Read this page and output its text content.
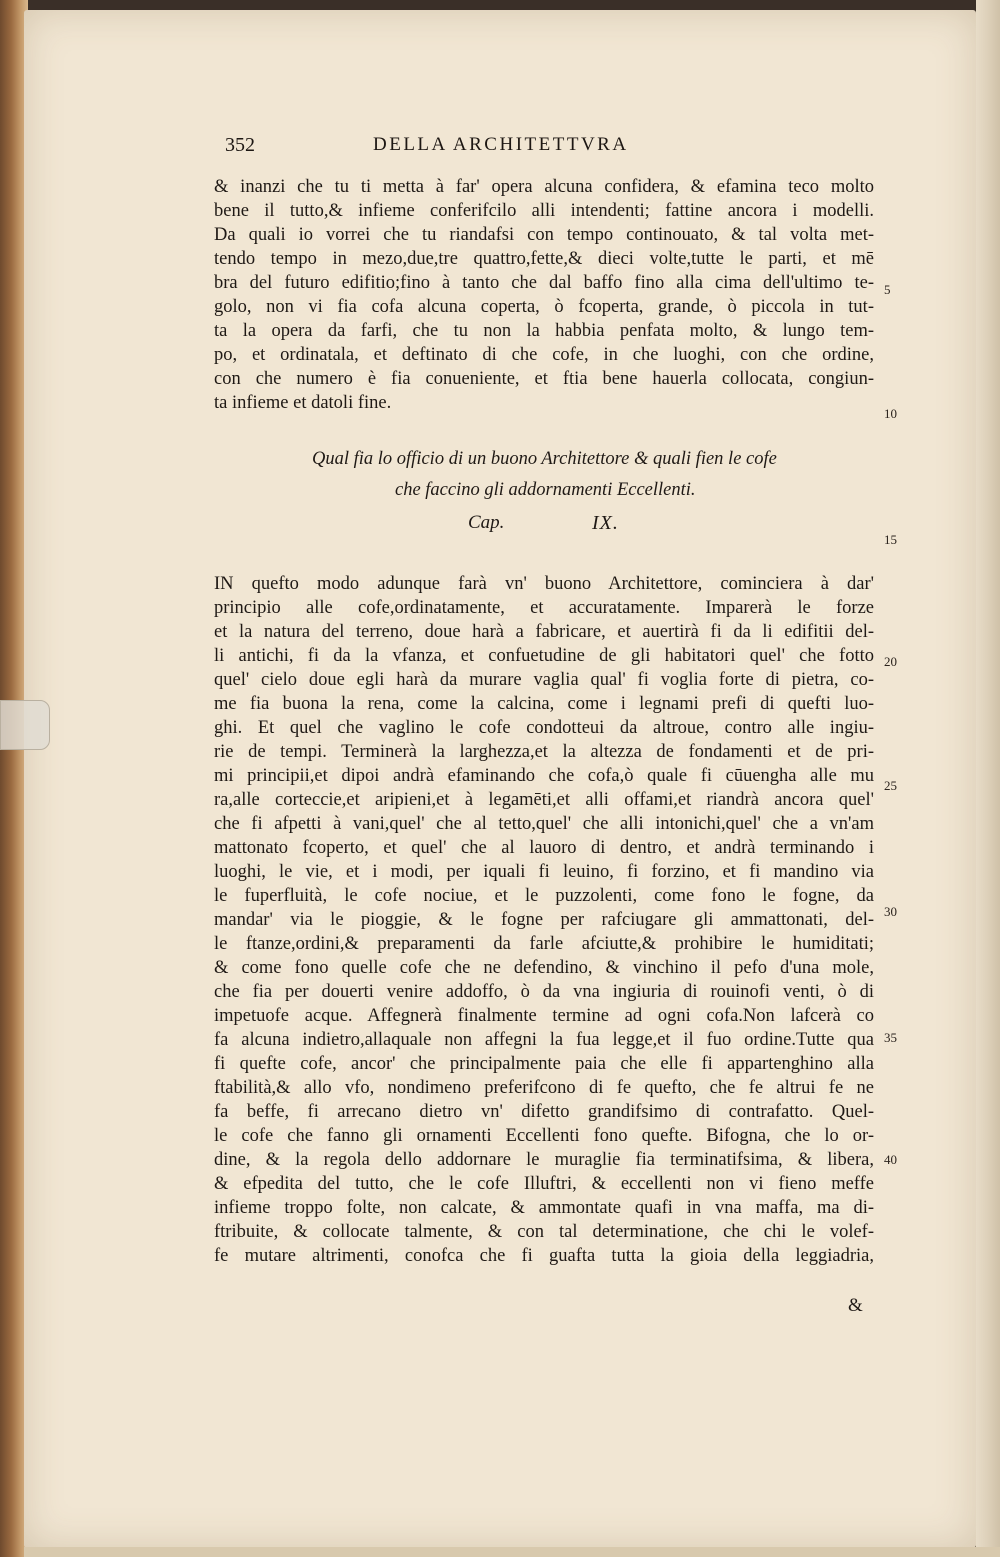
352	DELLA ARCHITETTVRA

& inanzi che tu ti metta à far' opera alcuna confidera, & efamina teco molto

bene il tutto,& infieme conferifcilo alli intendenti; fattine ancora i modelli.

Da quali io vorrei che tu riandafsi con tempo continouato, & tal volta met-

tendo tempo in mezo,due,tre quattro,fette,& dieci volte,tutte le parti, et mē

bra del futuro edifitio;fino à tanto che dal baffo fino alla cima dell'ultimo te-

golo, non vi fia cofa alcuna coperta, ò fcoperta, grande, ò piccola in tut-

ta la opera da farfi, che tu non la habbia penfata molto, & lungo tem-

po, et ordinatala, et deftinato di che cofe, in che luoghi, con che ordine,

con che numero è fia conueniente, et ftia bene hauerla collocata, congiun-

ta infieme et datoli fine.

Qual fia lo officio di un buono Architettore & quali fien le cofe

che faccino gli addornamenti Eccellenti.

Cap.	IX.

IN quefto modo adunque farà vn' buono Architettore, cominciera à dar'

principio alle cofe,ordinatamente, et accuratamente. Imparerà le forze

et la natura del terreno, doue harà a fabricare, et auertirà fi da li edifitii del-

li antichi, fi da la vfanza, et confuetudine de gli habitatori quel' che fotto

quel' cielo doue egli harà da murare vaglia qual' fi voglia forte di pietra, co-

me fia buona la rena, come la calcina, come i legnami prefi di quefti luo-

ghi. Et quel che vaglino le cofe condotteui da altroue, contro alle ingiu-

rie de tempi. Terminerà la larghezza,et la altezza de fondamenti et de pri-

mi principii,et dipoi andrà efaminando che cofa,ò quale fi cūuengha alle mu

ra,alle corteccie,et aripieni,et à legamēti,et alli offami,et riandrà ancora quel'

che fi afpetti à vani,quel' che al tetto,quel' che alli intonichi,quel' che a vn'am

mattonato fcoperto, et quel' che al lauoro di dentro, et andrà terminando i

luoghi, le vie, et i modi, per iquali fi leuino, fi forzino, et fi mandino via

le fuperfluità, le cofe nociue, et le puzzolenti, come fono le fogne, da

mandar' via le pioggie, & le fogne per rafciugare gli ammattonati, del-

le ftanze,ordini,& preparamenti da farle afciutte,& prohibire le humiditati;

& come fono quelle cofe che ne defendino, & vinchino il pefo d'una mole,

che fia per douerti venire addoffo, ò da vna ingiuria di rouinofi venti, ò di

impetuofe acque. Affegnerà finalmente termine ad ogni cofa.Non lafcerà co

fa alcuna indietro,allaquale non affegni la fua legge,et il fuo ordine.Tutte qua

fi quefte cofe, ancor' che principalmente paia che elle fi appartenghino alla

ftabilità,& allo vfo, nondimeno preferifcono di fe quefto, che fe altrui fe ne

fa beffe, fi arrecano dietro vn' difetto grandifsimo di contrafatto. Quel-

le cofe che fanno gli ornamenti Eccellenti fono quefte. Bifogna, che lo or-

dine, & la regola dello addornare le muraglie fia terminatifsima, & libera,

& efpedita del tutto, che le cofe Illuftri, & eccellenti non vi fieno meffe

infieme troppo folte, non calcate, & ammontate quafi in vna maffa, ma di-

ftribuite, & collocate talmente, & con tal determinatione, che chi le volef-

fe mutare altrimenti, conofca che fi guafta tutta la gioia della leggiadria,

&
5
10
15
20
25
30
35
40
